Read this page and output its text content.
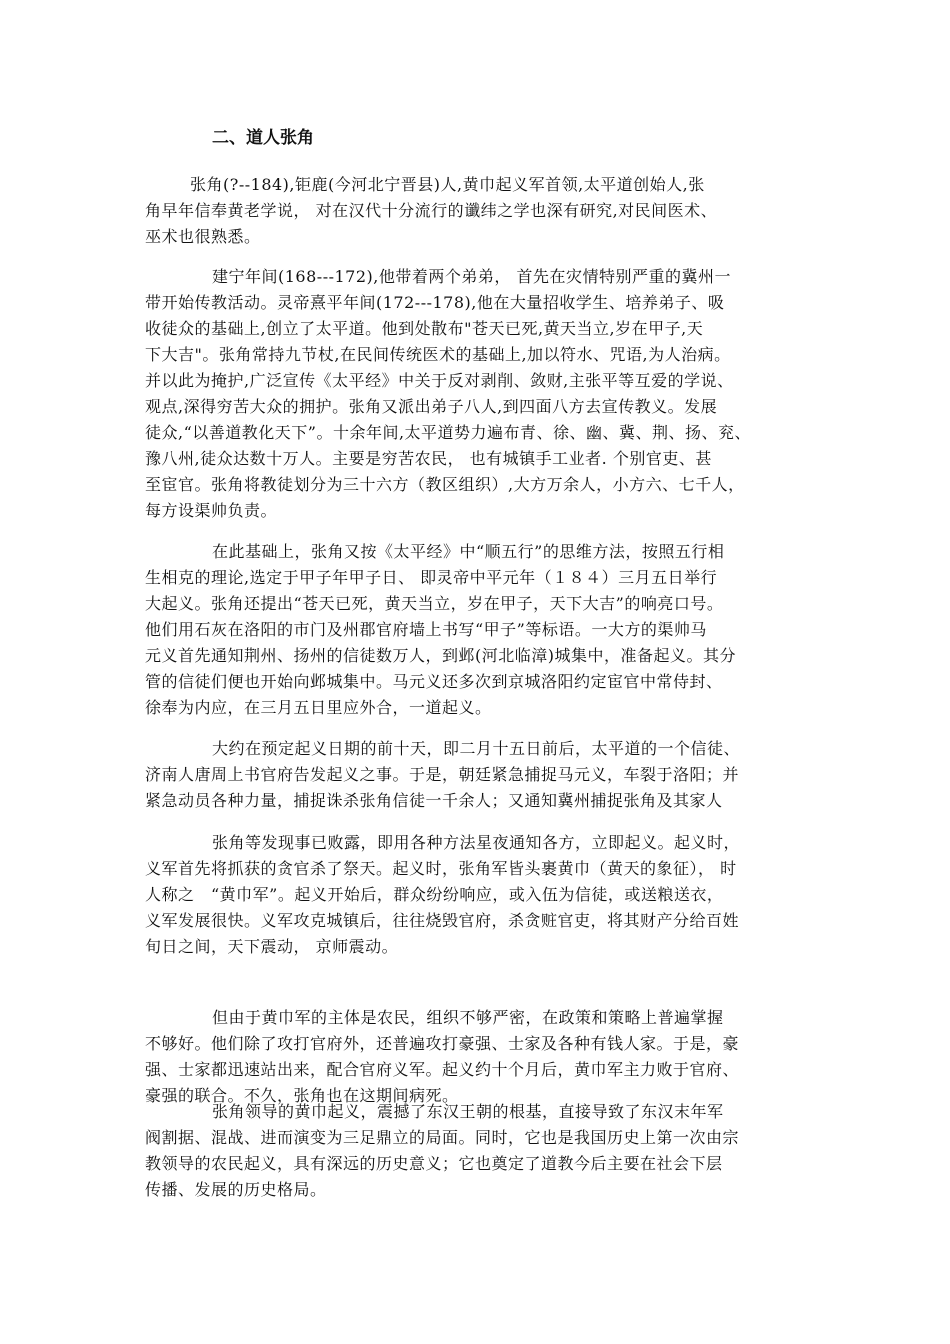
二、道人张角
张角(?--184),钜鹿(今河北宁晋县)人,黄巾起义军首领,太平道创始人,张
角早年信奉黄老学说， 对在汉代十分流行的谶纬之学也深有研究,对民间医术、
巫术也很熟悉。
建宁年间(168---172),他带着两个弟弟， 首先在灾情特别严重的冀州一
带开始传教活动。灵帝熹平年间(172---178),他在大量招收学生、培养弟子、吸
收徒众的基础上,创立了太平道。他到处散布"苍天已死,黄天当立,岁在甲子,天
下大吉"。张角常持九节杖,在民间传统医术的基础上,加以符水、咒语,为人治病。
并以此为掩护,广泛宣传《太平经》中关于反对剥削、敛财,主张平等互爱的学说、
观点,深得穷苦大众的拥护。张角又派出弟子八人,到四面八方去宣传教义。发展
徒众,“以善道教化天下”。十余年间,太平道势力遍布青、徐、幽、冀、荆、扬、兖、
豫八州,徒众达数十万人。主要是穷苦农民， 也有城镇手工业者. 个别官吏、甚
至宦官。张角将教徒划分为三十六方（教区组织）,大方万余人，小方六、七千人，
每方设渠帅负责。
在此基础上，张角又按《太平经》中“顺五行”的思维方法，按照五行相
生相克的理论,选定于甲子年甲子日、 即灵帝中平元年（１８４）三月五日举行
大起义。张角还提出“苍天已死，黄天当立，岁在甲子，天下大吉”的响亮口号。
他们用石灰在洛阳的市门及州郡官府墙上书写“甲子”等标语。一大方的渠帅马
元义首先通知荆州、扬州的信徒数万人，到邺(河北临漳)城集中，准备起义。其分
管的信徒们便也开始向邺城集中。马元义还多次到京城洛阳约定宦官中常侍封、
徐奉为内应，在三月五日里应外合，一道起义。
大约在预定起义日期的前十天，即二月十五日前后，太平道的一个信徒、
济南人唐周上书官府告发起义之事。于是，朝廷紧急捕捉马元义，车裂于洛阳；并
紧急动员各种力量，捕捉诛杀张角信徒一千余人；又通知冀州捕捉张角及其家人
张角等发现事已败露，即用各种方法星夜通知各方，立即起义。起义时，
义军首先将抓获的贪官杀了祭天。起义时，张角军皆头裹黄巾（黄天的象征）， 时
人称之　“黄巾军”。起义开始后，群众纷纷响应，或入伍为信徒，或送粮送衣，
义军发展很快。义军攻克城镇后，往往烧毁官府，杀贪赃官吏，将其财产分给百姓
旬日之间，天下震动， 京师震动。
但由于黄巾军的主体是农民，组织不够严密，在政策和策略上普遍掌握
不够好。他们除了攻打官府外，还普遍攻打豪强、士家及各种有钱人家。于是，豪
强、士家都迅速站出来，配合官府义军。起义约十个月后，黄巾军主力败于官府、
豪强的联合。不久，张角也在这期间病死。
张角领导的黄巾起义，震撼了东汉王朝的根基，直接导致了东汉末年军
阀割据、混战、进而演变为三足鼎立的局面。同时，它也是我国历史上第一次由宗
教领导的农民起义，具有深远的历史意义；它也奠定了道教今后主要在社会下层
传播、发展的历史格局。
